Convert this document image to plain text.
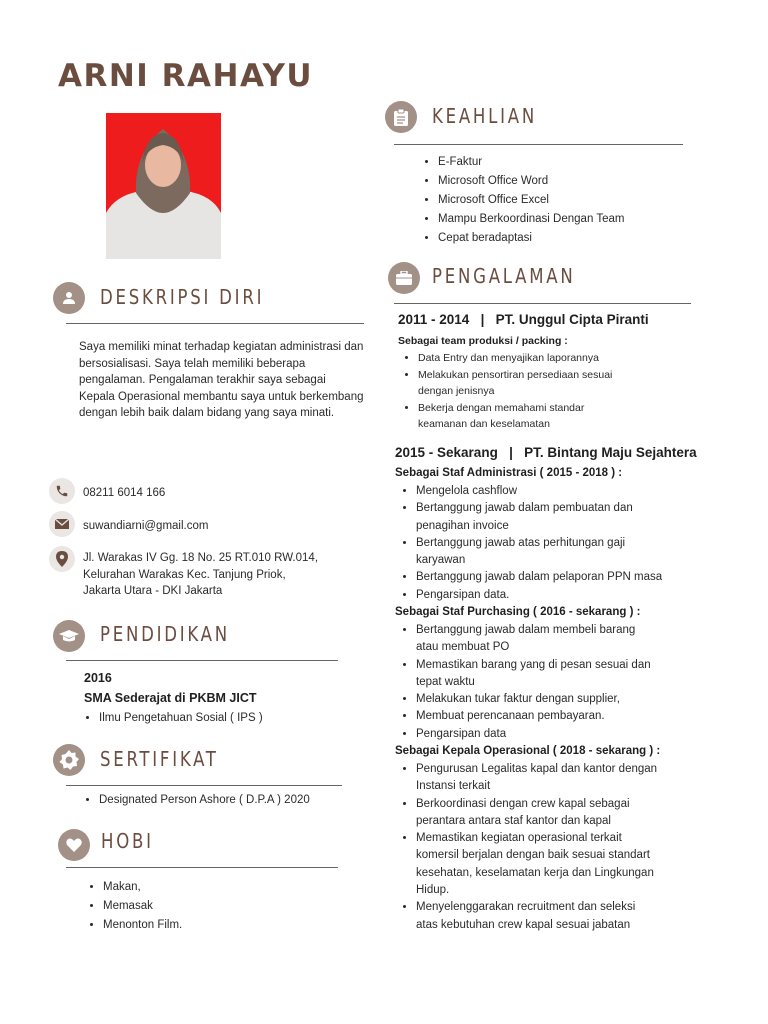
ARNI RAHAYU
DESKRIPSI DIRI

Saya memiliki minat terhadap kegiatan administrasi dan bersosialisasi. Saya telah memiliki beberapa pengalaman. Pengalaman terakhir saya sebagai Kepala Operasional membantu saya untuk berkembang dengan lebih baik dalam bidang yang saya minati.

08211 6014 166
suwandiarni@gmail.com
Jl. Warakas IV Gg. 18 No. 25 RT.010 RW.014,
Kelurahan Warakas Kec. Tanjung Priok,
Jakarta Utara - DKI Jakarta
PENDIDIKAN
2016
SMA Sederajat di PKBM JICT
• Ilmu Pengetahuan Sosial ( IPS )
SERTIFIKAT
• Designated Person Ashore ( D.P.A ) 2020
HOBI
• Makan,
• Memasak
• Menonton Film.
KEAHLIAN
• E-Faktur
• Microsoft Office Word
• Microsoft Office Excel
• Mampu Berkoordinasi Dengan Team
• Cepat beradaptasi
PENGALAMAN
2011 - 2014   |   PT. Unggul Cipta Piranti
Sebagai team produksi / packing :
• Data Entry dan menyajikan laporannya
• Melakukan pensortiran persediaan sesuai
dengan jenisnya
• Bekerja dengan memahami standar
keamanan dan keselamatan
2015 - Sekarang   |   PT. Bintang Maju Sejahtera
Sebagai Staf Administrasi ( 2015 - 2018 ) :
• Mengelola cashflow
• Bertanggung jawab dalam pembuatan dan
penagihan invoice
• Bertanggung jawab atas perhitungan gaji
karyawan
• Bertanggung jawab dalam pelaporan PPN masa
• Pengarsipan data.
Sebagai Staf Purchasing ( 2016 - sekarang ) :
• Bertanggung jawab dalam membeli barang
atau membuat PO
• Memastikan barang yang di pesan sesuai dan
tepat waktu
• Melakukan tukar faktur dengan supplier,
• Membuat perencanaan pembayaran.
• Pengarsipan data
Sebagai Kepala Operasional ( 2018 - sekarang ) :
• Pengurusan Legalitas kapal dan kantor dengan
Instansi terkait
• Berkoordinasi dengan crew kapal sebagai
perantara antara staf kantor dan kapal
• Memastikan kegiatan operasional terkait
komersil berjalan dengan baik sesuai standart
kesehatan, keselamatan kerja dan Lingkungan
Hidup.
• Menyelenggarakan recruitment dan seleksi
atas kebutuhan crew kapal sesuai jabatan
